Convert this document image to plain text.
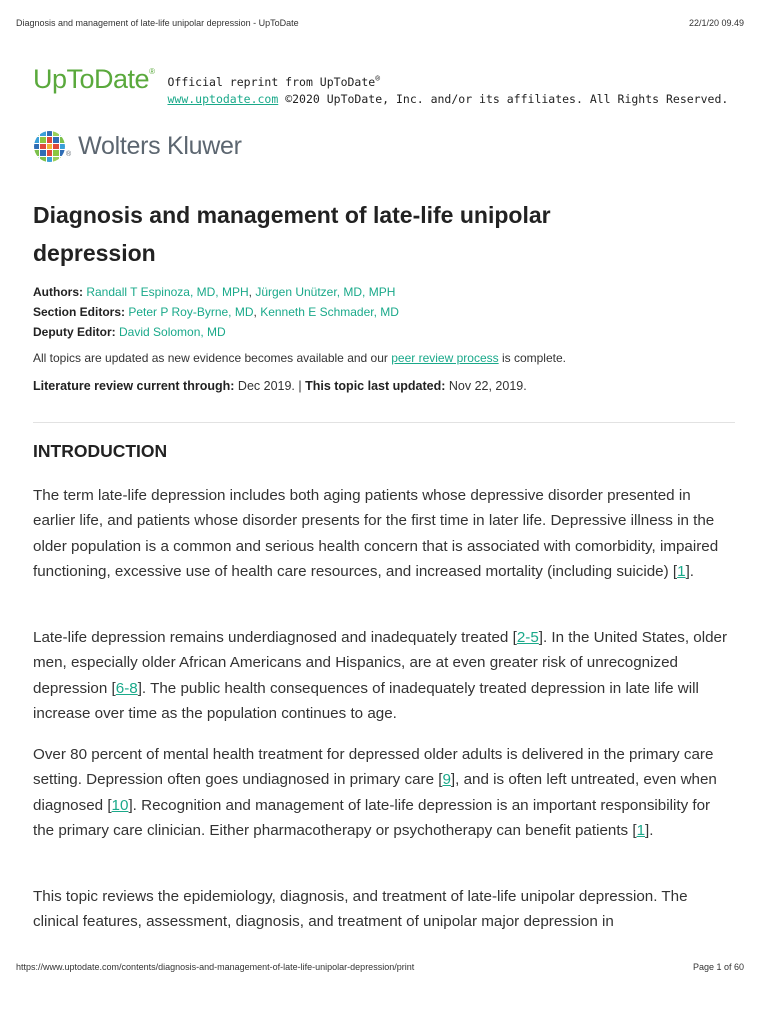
Diagnosis and management of late-life unipolar depression - UpToDate	22/1/20 09.49
UpToDate®
Official reprint from UpToDate®
www.uptodate.com ©2020 UpToDate, Inc. and/or its affiliates. All Rights Reserved.
® Wolters Kluwer
Diagnosis and management of late-life unipolar depression
Authors: Randall T Espinoza, MD, MPH, Jürgen Unützer, MD, MPH
Section Editors: Peter P Roy-Byrne, MD, Kenneth E Schmader, MD
Deputy Editor: David Solomon, MD
All topics are updated as new evidence becomes available and our peer review process is complete.
Literature review current through: Dec 2019. | This topic last updated: Nov 22, 2019.
INTRODUCTION

The term late-life depression includes both aging patients whose depressive disorder presented in earlier life, and patients whose disorder presents for the first time in later life. Depressive illness in the older population is a common and serious health concern that is associated with comorbidity, impaired functioning, excessive use of health care resources, and increased mortality (including suicide) [1].

Late-life depression remains underdiagnosed and inadequately treated [2-5]. In the United States, older men, especially older African Americans and Hispanics, are at even greater risk of unrecognized depression [6-8]. The public health consequences of inadequately treated depression in late life will increase over time as the population continues to age.

Over 80 percent of mental health treatment for depressed older adults is delivered in the primary care setting. Depression often goes undiagnosed in primary care [9], and is often left untreated, even when diagnosed [10]. Recognition and management of late-life depression is an important responsibility for the primary care clinician. Either pharmacotherapy or psychotherapy can benefit patients [1].

This topic reviews the epidemiology, diagnosis, and treatment of late-life unipolar depression. The clinical features, assessment, diagnosis, and treatment of unipolar major depression in

https://www.uptodate.com/contents/diagnosis-and-management-of-late-life-unipolar-depression/print	Page 1 of 60
